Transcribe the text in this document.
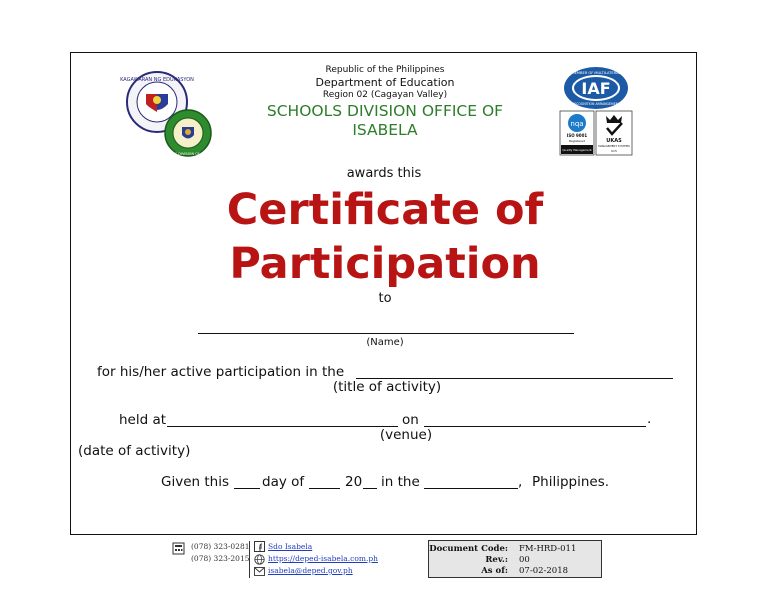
KAGAWARAN NG EDUKASYON
SCHOOLS DIVISION OF ISABELA
Republic of the Philippines
Department of Education
Region 02 (Cagayan Valley)
SCHOOLS DIVISION OFFICE OF
ISABELA
IAF
MEMBER OF MULTILATERAL
RECOGNITION ARRANGEMENT
nqa
ISO 9001
Registered
Quality Management
UKAS
MANAGEMENT SYSTEMS
015
awards this
Certificate of
Participation
to
(Name)
for his/her active participation in the
(title of activity)
held at	on	.
(venue)
(date of activity)
Given this day of	20 in the	, Philippines.
(078) 323-0281
(078) 323-2015
Sdo Isabela
https://deped-isabela.com.ph
isabela@deped.gov.ph
Document Code: FM-HRD-011
Rev.: 00
As of: 07-02-2018
